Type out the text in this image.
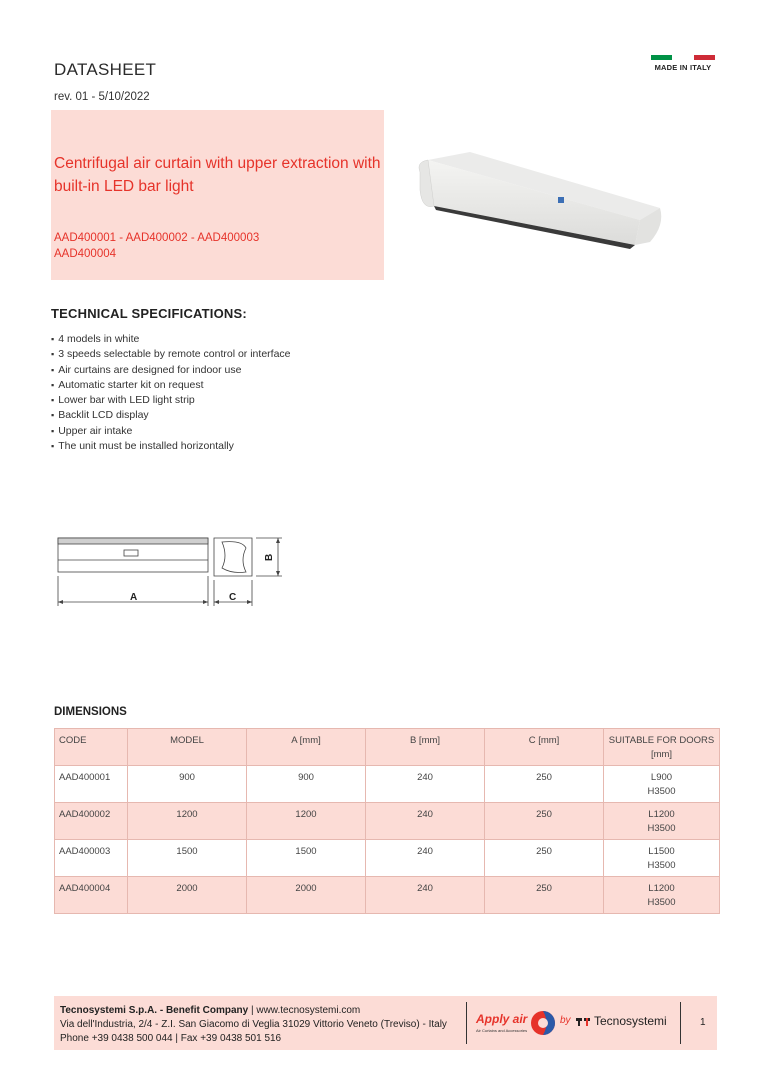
DATASHEET
rev. 01 - 5/10/2022
MADE IN ITALY
Centrifugal air curtain with upper extraction with built-in LED bar light
AAD400001 - AAD400002 - AAD400003
AAD400004
TECHNICAL SPECIFICATIONS:
▪ 4 models in white
▪ 3 speeds selectable by remote control or interface
▪ Air curtains are designed for indoor use
▪ Automatic starter kit on request
▪ Lower bar with LED light strip
▪ Backlit LCD display
▪ Upper air intake
▪ The unit must be installed horizontally
A	C
B
DIMENSIONS
CODE	MODEL	A [mm]	B [mm]	C [mm]	SUITABLE FOR DOORS [mm]
AAD400001	900	900	240	250	L900
H3500

AAD400002	1200	1200	240	250	L1200
H3500

AAD400003	1500	1500	240	250	L1500
H3500

AAD400004	2000	2000	240	250	L1200
H3500
Tecnosystemi S.p.A. - Benefit Company | www.tecnosystemi.com
Via dell'Industria, 2/4 - Z.I. San Giacomo di Veglia 31029 Vittorio Veneto (Treviso) - Italy
Phone +39 0438 500 044 | Fax +39 0438 501 516
Apply air
Air Curtains and Accessories
by	Tecnosystemi	1
